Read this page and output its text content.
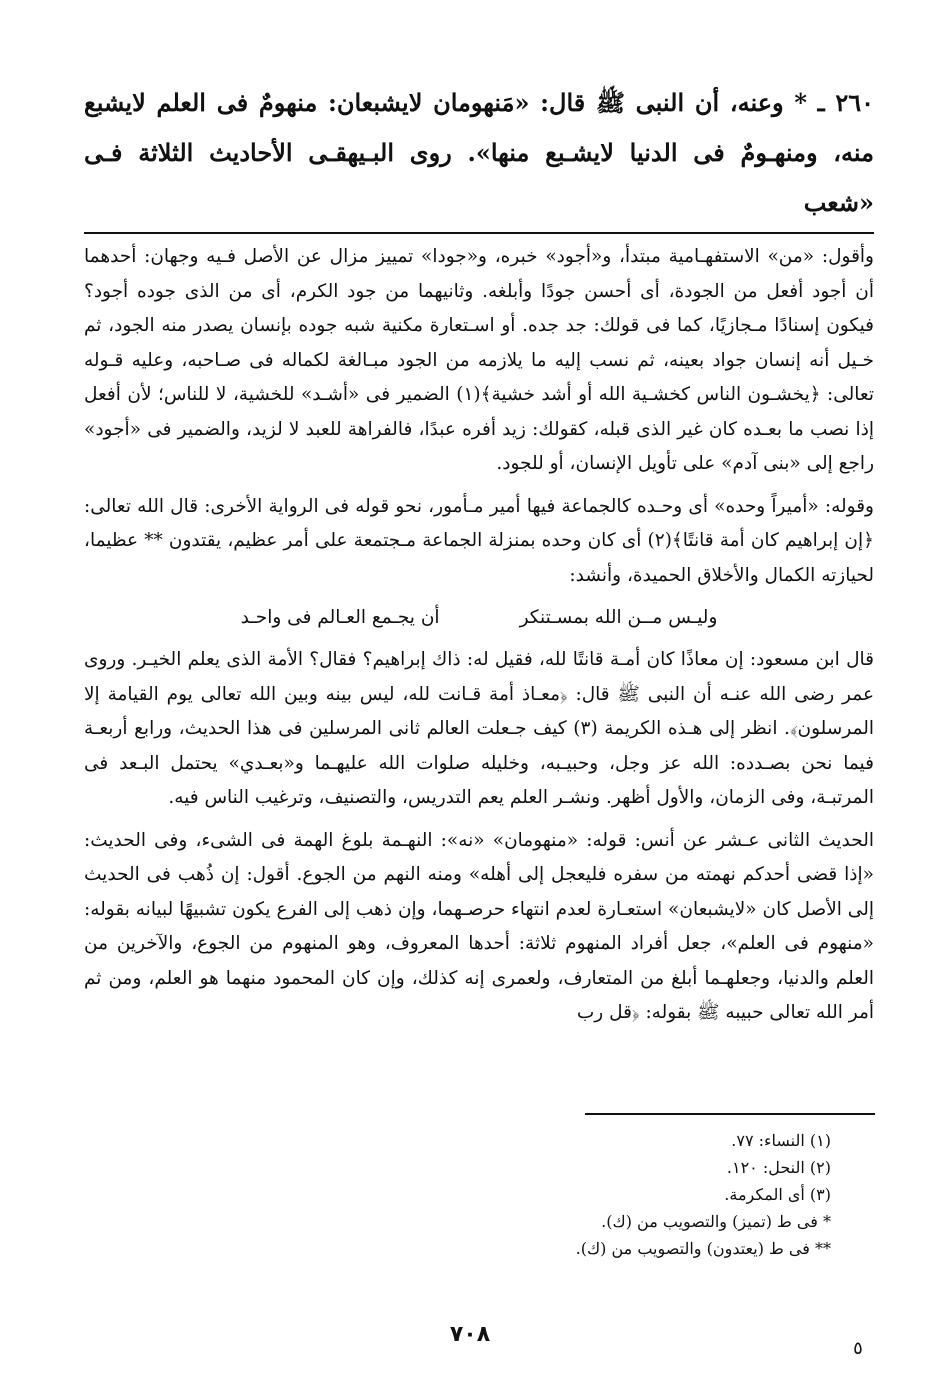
٢٦٠ ـ * وعنه، أن النبى ﷺ قال: «مَنهومان لايشبعان: منهومٌ فى العلم لايشبع منه، ومنهـومٌ فى الدنيا لايشـبع منها». روى البـيهقـى الأحاديث الثلاثة فـى «شعب

وأقول: «من» الاستفهـامية مبتدأ، و«أجود» خبره، و«جودا» تمييز مزال عن الأصل فـيه وجهان: أحدهما أن أجود أفعل من الجودة، أى أحسن جودًا وأبلغه. وثانيهما من جود الكرم، أى من الذى جوده أجود؟ فيكون إسنادًا مـجازيًا، كما فى قولك: جد جده. أو اسـتعارة مكنية شبه جوده بإنسان يصدر منه الجود، ثم خـيل أنه إنسان جواد بعينه، ثم نسب إليه ما يلازمه من الجود مبـالغة لكماله فى صـاحبه، وعليه قـوله تعالى: ﴿يخشـون الناس كخشـية الله أو أشد خشية﴾(١) الضمير فى «أشـد» للخشية، لا للناس؛ لأن أفعل إذا نصب ما بعـده كان غير الذى قبله، كقولك: زيد أفره عبدًا، فالفراهة للعبد لا لزيد، والضمير فى «أجود» راجع إلى «بنى آدم» على تأويل الإنسان، أو للجود.

وقوله: «أميراً وحده» أى وحـده كالجماعة فيها أمير مـأمور، نحو قوله فى الرواية الأخرى: قال الله تعالى: ﴿إن إبراهيم كان أمة قانتًا﴾(٢) أى كان وحده بمنزلة الجماعة مـجتمعة على أمر عظيم، يقتدون ** عظيما، لحيازته الكمال والأخلاق الحميدة، وأنشد:

وليـس مــن الله بمسـتنكر
أن يجـمع العـالم فى واحـد

قال ابن مسعود: إن معاذًا كان أمـة قانتًا لله، فقيل له: ذاك إبراهيم؟ فقال؟ الأمة الذى يعلم الخيـر. وروى عمر رضى الله عنـه أن النبى ﷺ قال: ﴿معـاذ أمة قـانت لله، ليس بينه وبين الله تعالى يوم القيامة إلا المرسلون﴾. انظر إلى هـذه الكريمة (٣) كيف جـعلت العالم ثانى المرسلين فى هذا الحديث، ورابع أربعـة فيما نحن بصـدده: الله عز وجل، وحبيـبه، وخليله صلوات الله عليهـما و«بعـدي» يحتمل البـعد فى المرتبـة، وفى الزمان، والأول أظهر. ونشـر العلم يعم التدريس، والتصنيف، وترغيب الناس فيه.

الحديث الثانى عـشر عن أنس: قوله: «منهومان» «نه»: النهـمة بلوغ الهمة فى الشىء، وفى الحديث: «إذا قضى أحدكم نهمته من سفره فليعجل إلى أهله» ومنه النهم من الجوع. أقول: إن ذُهب فى الحديث إلى الأصل كان «لايشبعان» استعـارة لعدم انتهاء حرصـهما، وإن ذهب إلى الفرع يكون تشبيهًا لبيانه بقوله: «منهوم فى العلم»، جعل أفراد المنهوم ثلاثة: أحدها المعروف، وهو المنهوم من الجوع، والآخرين من العلم والدنيا، وجعلهـما أبلغ من المتعارف، ولعمرى إنه كذلك، وإن كان المحمود منهما هو العلم، ومن ثم أمر الله تعالى حبيبه ﷺ بقوله: ﴿قل رب

(١) النساء: ٧٧.
(٢) النحل: ١٢٠.
(٣) أى المكرمة.
* فى ط (تميز) والتصويب من (ك).
** فى ط (يعتدون) والتصويب من (ك).
٧٠٨
٥
